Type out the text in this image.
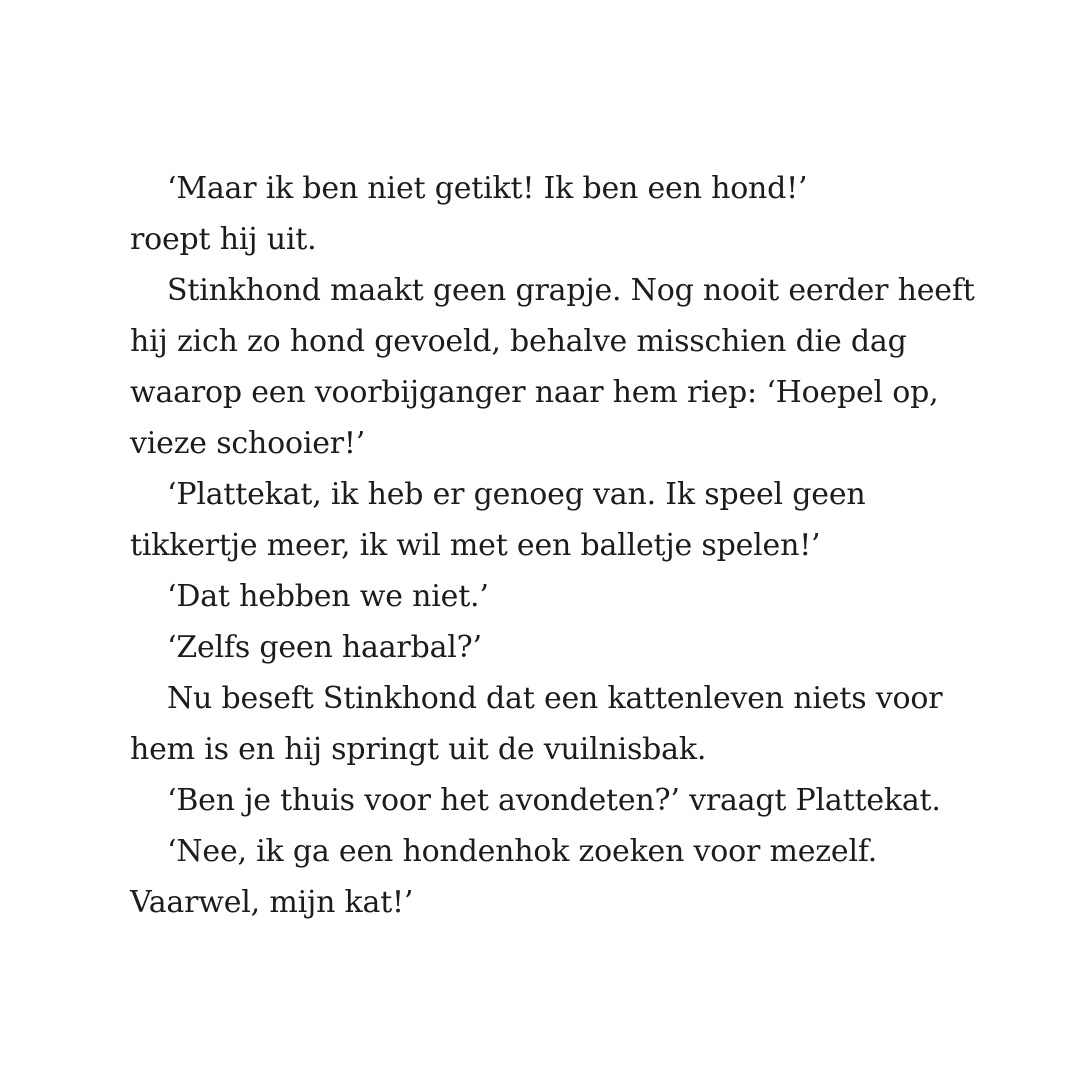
‘Maar ik ben niet getikt! Ik ben een hond!’
roept hij uit.
Stinkhond maakt geen grapje. Nog nooit eerder heeft
hij zich zo hond gevoeld, behalve misschien die dag
waarop een voorbijganger naar hem riep: ‘Hoepel op,
vieze schooier!’
‘Plattekat, ik heb er genoeg van. Ik speel geen
tikkertje meer, ik wil met een balletje spelen!’
‘Dat hebben we niet.’
‘Zelfs geen haarbal?’
Nu beseft Stinkhond dat een kattenleven niets voor
hem is en hij springt uit de vuilnisbak.
‘Ben je thuis voor het avondeten?’ vraagt Plattekat.
‘Nee, ik ga een hondenhok zoeken voor mezelf.
Vaarwel, mijn kat!’
